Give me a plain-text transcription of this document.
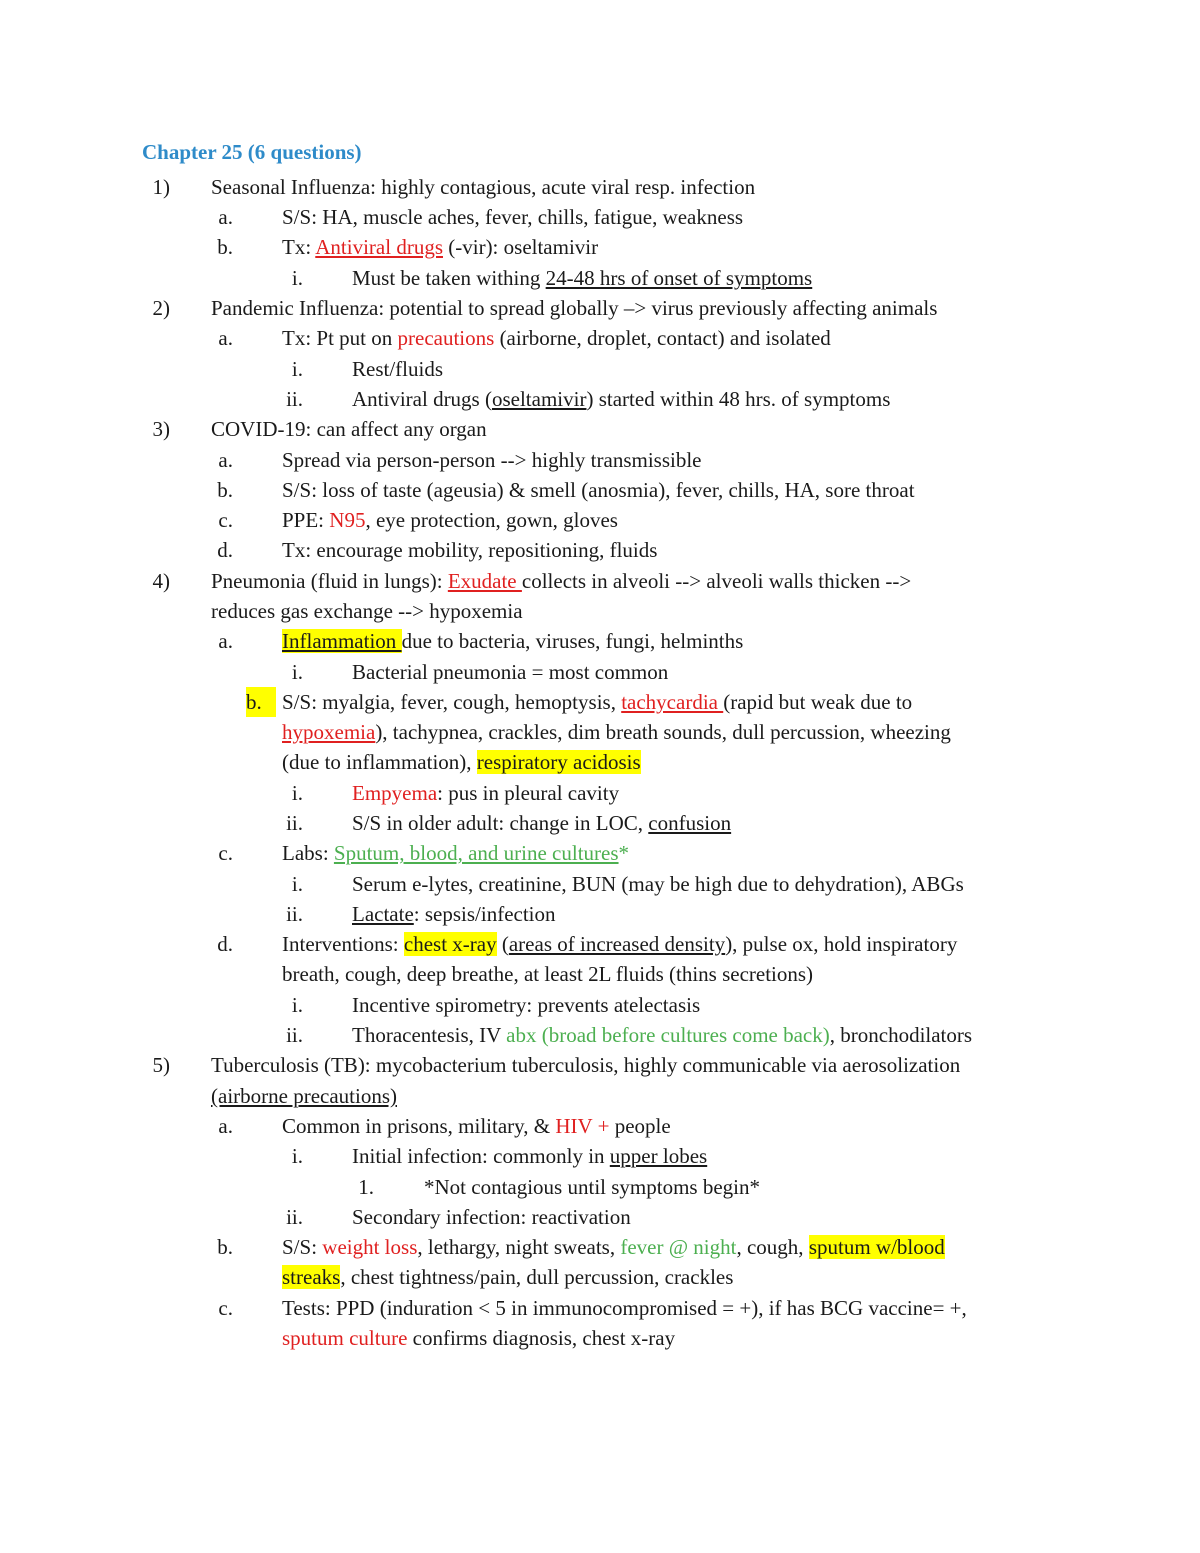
Chapter 25 (6 questions)
1) Seasonal Influenza: highly contagious, acute viral resp. infection
a. S/S: HA, muscle aches, fever, chills, fatigue, weakness
b. Tx: Antiviral drugs (-vir): oseltamivir
i. Must be taken withing 24-48 hrs of onset of symptoms
2) Pandemic Influenza: potential to spread globally –> virus previously affecting animals
a. Tx: Pt put on precautions (airborne, droplet, contact) and isolated
i. Rest/fluids
ii. Antiviral drugs (oseltamivir) started within 48 hrs. of symptoms
3) COVID-19: can affect any organ
a. Spread via person-person --> highly transmissible
b. S/S: loss of taste (ageusia) & smell (anosmia), fever, chills, HA, sore throat
c. PPE: N95, eye protection, gown, gloves
d. Tx: encourage mobility, repositioning, fluids
4) Pneumonia (fluid in lungs): Exudate collects in alveoli --> alveoli walls thicken -->
reduces gas exchange --> hypoxemia
a. Inflammation due to bacteria, viruses, fungi, helminths
i. Bacterial pneumonia = most common
b. S/S: myalgia, fever, cough, hemoptysis, tachycardia (rapid but weak due to
hypoxemia), tachypnea, crackles, dim breath sounds, dull percussion, wheezing
(due to inflammation), respiratory acidosis
i. Empyema: pus in pleural cavity
ii. S/S in older adult: change in LOC, confusion
c. Labs: Sputum, blood, and urine cultures*
i. Serum e-lytes, creatinine, BUN (may be high due to dehydration), ABGs
ii. Lactate: sepsis/infection
d. Interventions: chest x-ray (areas of increased density), pulse ox, hold inspiratory
breath, cough, deep breathe, at least 2L fluids (thins secretions)
i. Incentive spirometry: prevents atelectasis
ii. Thoracentesis, IV abx (broad before cultures come back), bronchodilators
5) Tuberculosis (TB): mycobacterium tuberculosis, highly communicable via aerosolization
(airborne precautions)
a. Common in prisons, military, & HIV + people
i. Initial infection: commonly in upper lobes
1. *Not contagious until symptoms begin*
ii. Secondary infection: reactivation
b. S/S: weight loss, lethargy, night sweats, fever @ night, cough, sputum w/blood
streaks, chest tightness/pain, dull percussion, crackles
c. Tests: PPD (induration < 5 in immunocompromised = +), if has BCG vaccine= +,
sputum culture confirms diagnosis, chest x-ray
